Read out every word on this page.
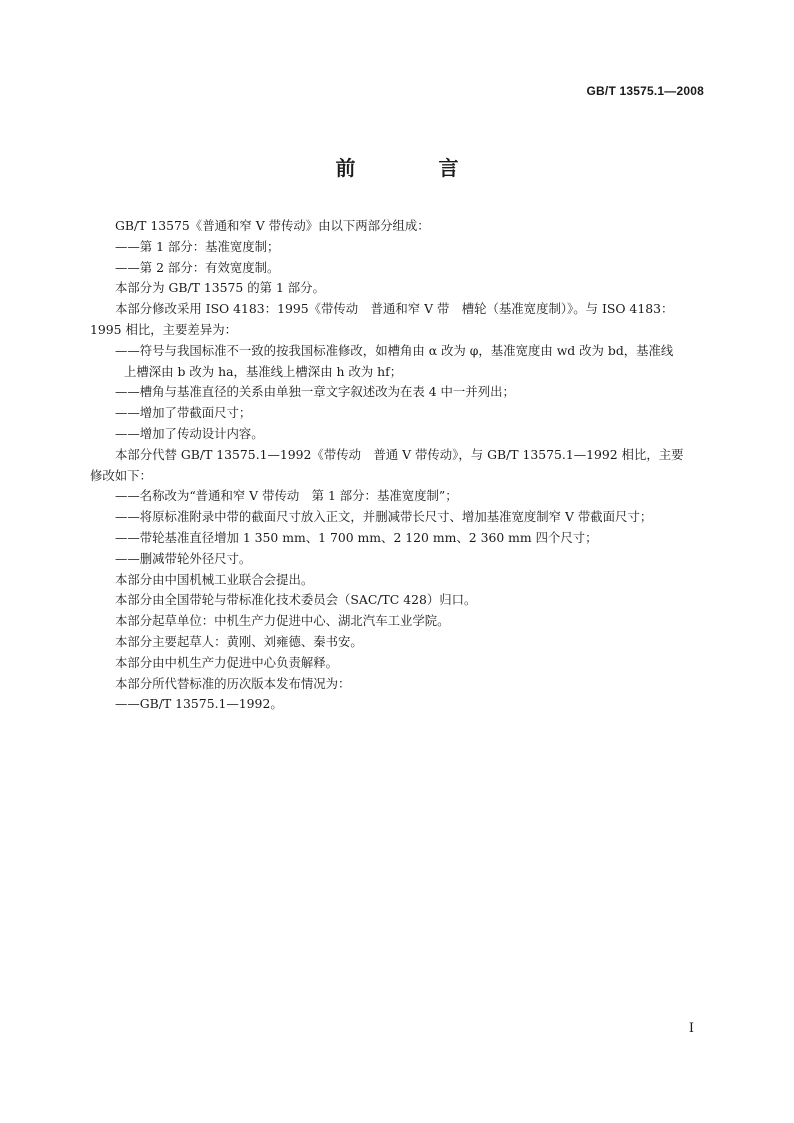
GB/T 13575.1—2008
前 言

GB/T 13575《普通和窄 V 带传动》由以下两部分组成：

——第 1 部分：基准宽度制；

——第 2 部分：有效宽度制。

本部分为 GB/T 13575 的第 1 部分。

本部分修改采用 ISO 4183：1995《带传动　普通和窄 V 带　槽轮（基准宽度制）》。与 ISO 4183：

1995 相比，主要差异为：

——符号与我国标准不一致的按我国标准修改，如槽角由 α 改为 φ，基准宽度由 wd 改为 bd，基准线

上槽深由 b 改为 ha，基准线上槽深由 h 改为 hf；

——槽角与基准直径的关系由单独一章文字叙述改为在表 4 中一并列出；

——增加了带截面尺寸；

——增加了传动设计内容。

本部分代替 GB/T 13575.1—1992《带传动　普通 V 带传动》，与 GB/T 13575.1—1992 相比，主要

修改如下：

——名称改为“普通和窄 V 带传动　第 1 部分：基准宽度制”；

——将原标准附录中带的截面尺寸放入正文，并删减带长尺寸、增加基准宽度制窄 V 带截面尺寸；

——带轮基准直径增加 1 350 mm、1 700 mm、2 120 mm、2 360 mm 四个尺寸；

——删减带轮外径尺寸。

本部分由中国机械工业联合会提出。

本部分由全国带轮与带标准化技术委员会（SAC/TC 428）归口。

本部分起草单位：中机生产力促进中心、湖北汽车工业学院。

本部分主要起草人：黄刚、刘雍德、秦书安。

本部分由中机生产力促进中心负责解释。

本部分所代替标准的历次版本发布情况为：

——GB/T 13575.1—1992。

I
